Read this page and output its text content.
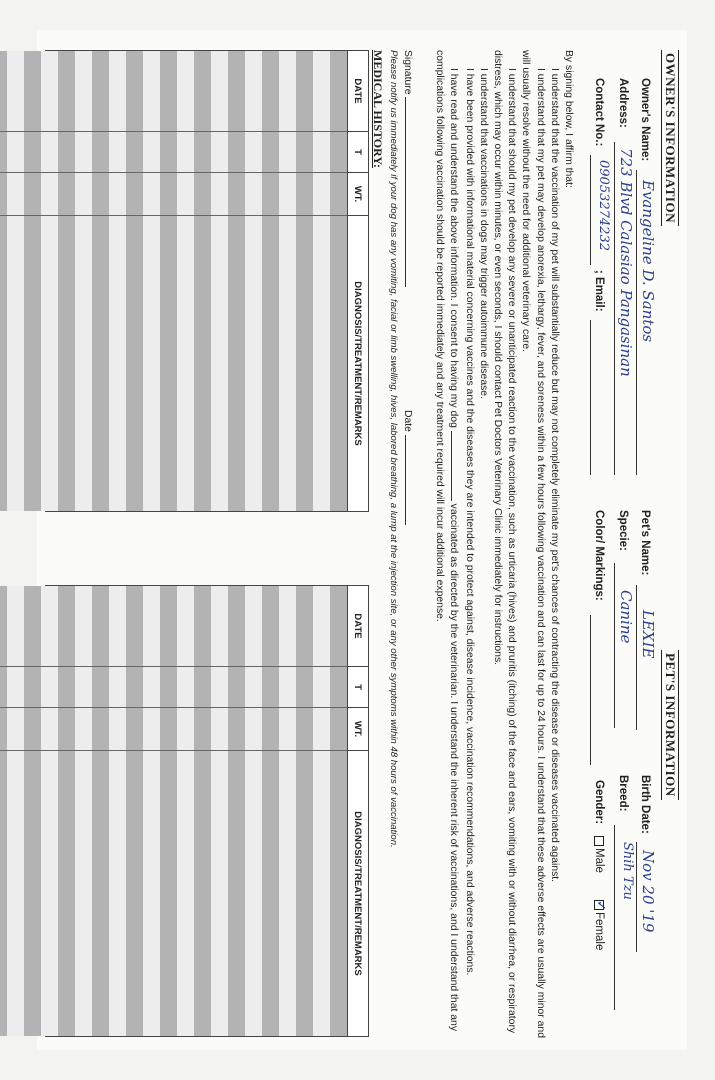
OWNER'S INFORMATION
Owner's Name:
Evangeline D. Santos
Address:
723 Blvd Calasiao Pangasinan
Contact No.:
09053274232
; Email:
PET'S INFORMATION
Pet's Name:
LEXIE
Birth Date:
Nov 20 '19
Specie:
Canine
Breed:
Shih Tzu
Color/ Markings:
Gender:
Male
✓
Female

By signing below, I affirm that:

I understand that the vaccination of my pet will substantially reduce but may not completely eliminate my pet's chances of contracting the disease or diseases vaccinated against.

I understand that my pet may develop anorexia, lethargy, fever, and soreness within a few hours following vaccination and can last for up to 24 hours. I understand that these adverse effects are usually minor and will usually resolve without the need for additional veterinary care.

I understand that should my pet develop any severe or unanticipated reaction to the vaccination, such as urticaria (hives) and pruritis (itching) of the face and ears, vomiting with or without diarrhea, or respiratory distress, which may occur within minutes, or even seconds, I should contact Pet Doctors Veterinary Clinic immediately for instructions.

I understand that vaccinations in dogs may trigger autoimmune disease.

I have been provided with informational material concerning vaccines and the diseases they are intended to protect against, disease incidence, vaccination recommendations, and adverse reactions.

I have read and understand the above information. I consent to having my dog  vaccinated as directed by the veterinarian. I understand the inherent risk of vaccinations, and I understand that any complications following vaccination should be reported immediately and any treatment required will incur additional expense.

Signature
Date
Please notify us immediately if your dog has any vomiting, facial or limb swelling, hives, labored breathing, a lump at the injection site, or any other symptoms within 48 hours of vaccination.
MEDICAL HISTORY:
DATE
T
WT.
DIAGNOSIS/TREATMENT/REMARKS
DATE
T
WT.
DIAGNOSIS/TREATMENT/REMARKS
